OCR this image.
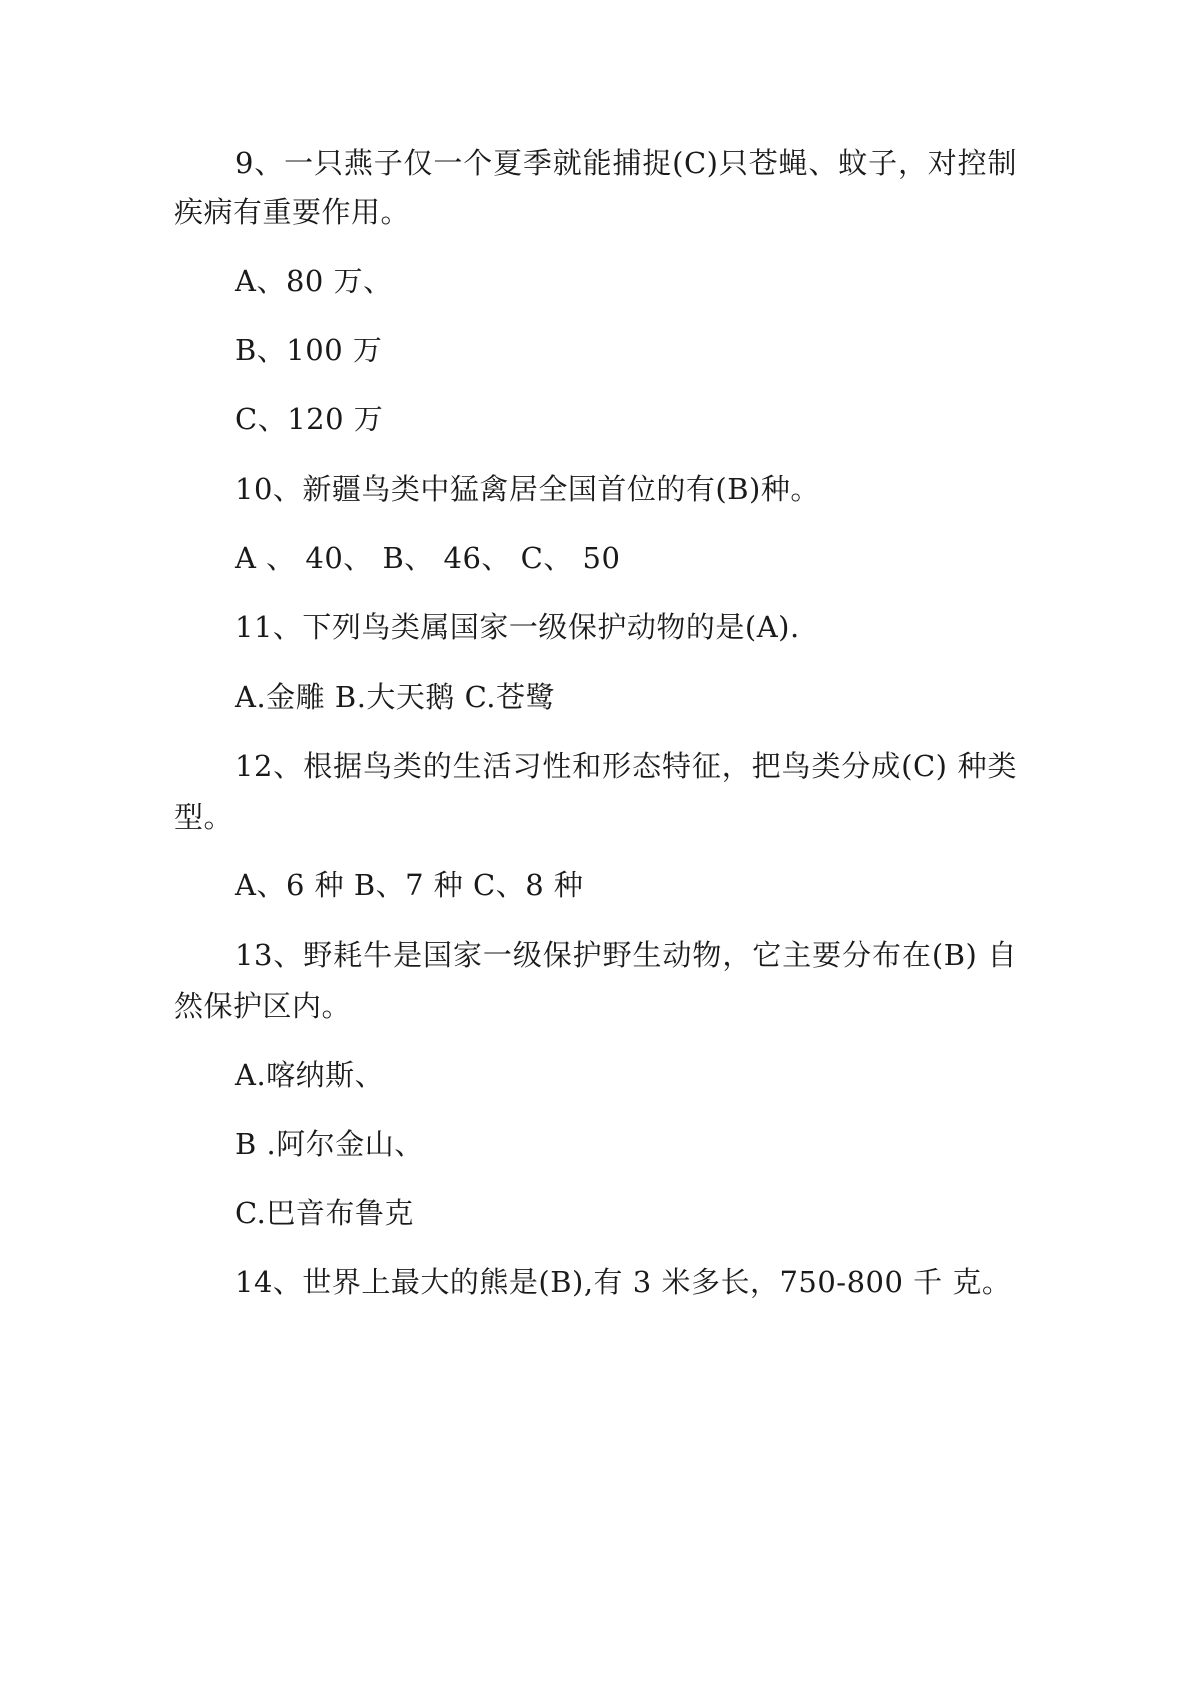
9、一只燕子仅一个夏季就能捕捉(C)只苍蝇、蚊子，对控制
疾病有重要作用。
A、80 万、
B、100 万
C、120 万
10、新疆鸟类中猛禽居全国首位的有(B)种。
A 、 40、 B、 46、 C、 50
11、下列鸟类属国家一级保护动物的是(A).
A.金雕 B.大天鹅 C.苍鹭
12、根据鸟类的生活习性和形态特征，把鸟类分成(C) 种类
型。
A、6 种 B、7 种 C、8 种
13、野耗牛是国家一级保护野生动物，它主要分布在(B) 自
然保护区内。
A.喀纳斯、
B .阿尔金山、
C.巴音布鲁克
14、世界上最大的熊是(B),有 3 米多长，750-800 千 克。
